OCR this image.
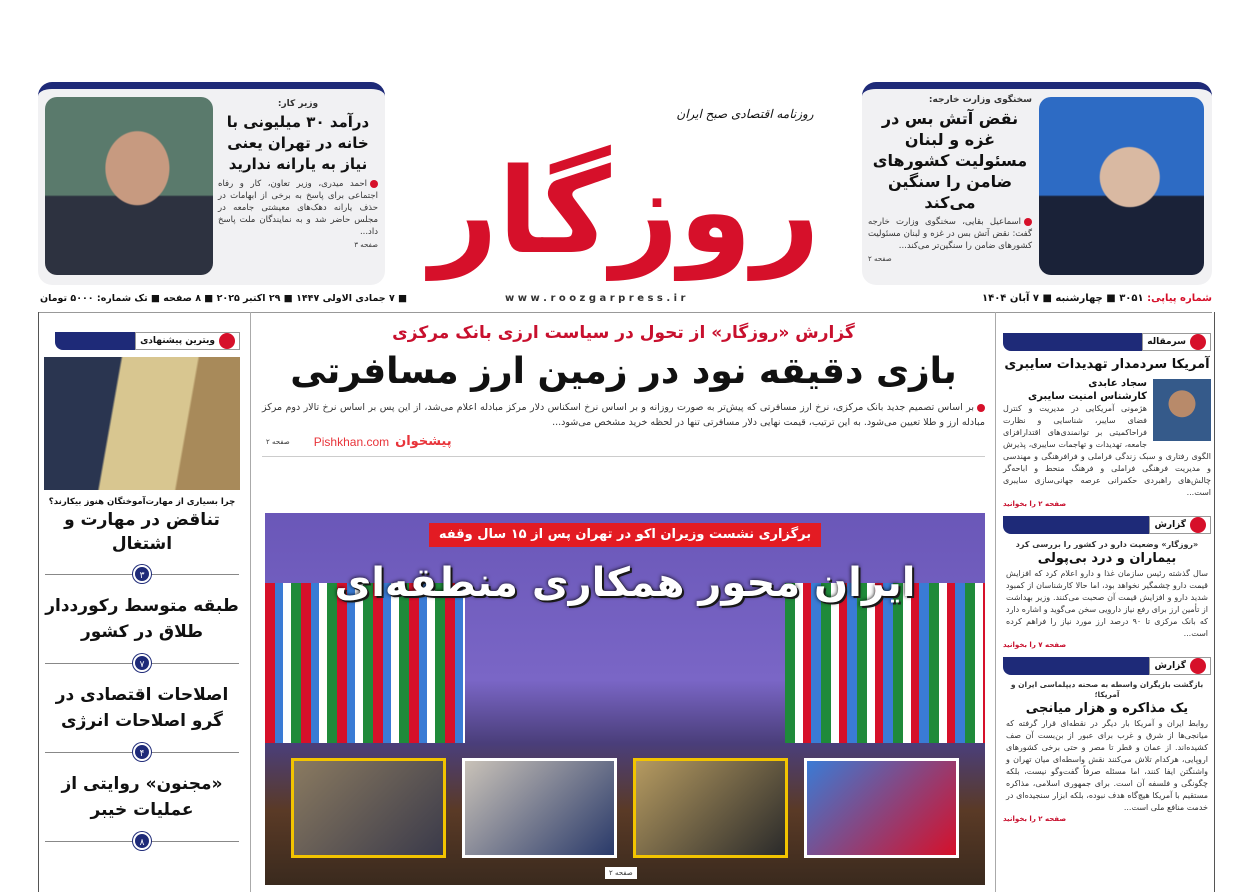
سخنگوی وزارت خارجه:
نقض آتش بس در غزه و لبنان مسئولیت کشورهای ضامن را سنگین می‌کند
اسماعیل بقایی، سخنگوی وزارت خارجه گفت: نقض آتش بس در غزه و لبنان مسئولیت کشورهای ضامن را سنگین‌تر می‌کند...
صفحه ۲
وزیر کار:
درآمد ۳۰ میلیونی با خانه در تهران یعنی نیاز به یارانه ندارید
احمد میدری، وزیر تعاون، کار و رفاه اجتماعی برای پاسخ به برخی از ابهامات در حذف یارانه دهک‌های معیشتی جامعه در مجلس حاضر شد و به نمایندگان ملت پاسخ داد...
صفحه ۳
روزنامه اقتصادی صبح ایران
روزگار
شماره پیاپی: ۳۰۵۱ ■ چهارشنبه ■ ۷ آبان ۱۴۰۴
w w w . r o o z g a r p r e s s . i r
■ ۷ جمادی الاولی ۱۴۴۷ ■ ۲۹ اکتبر ۲۰۲۵ ■ ۸ صفحه ■ تک شماره: ۵۰۰۰ تومان
گزارش «روزگار» از تحول در سیاست ارزی بانک مرکزی
بازی دقیقه نود در زمین ارز مسافرتی
بر اساس تصمیم جدید بانک مرکزی، نرخ ارز مسافرتی که پیش‌تر به صورت روزانه و بر اساس نرخ اسکناس دلار مرکز مبادله اعلام می‌شد، از این پس بر اساس نرخ تالار دوم مرکز مبادله ارز و طلا تعیین می‌شود. به این ترتیب، قیمت نهایی دلار مسافرتی تنها در لحظه خرید مشخص می‌شود...
صفحه ۲ Pishkhan.com پیشخوان
برگزاری نشست وزیران اکو در تهران پس از ۱۵ سال وقفه
ایران محور همکاری منطقه‌ای
صفحه ۲
سرمقاله
آمریکا سردمدار تهدیدات سایبری
سجاد عابدی
کارشناس امنیت سایبری
هژمونی آمریکایی در مدیریت و کنترل فضای سایبر، شناسایی و نظارت فراحاکمیتی بر توانمندی‌های اقتدارافزای جامعه، تهدیدات و تهاجمات سایبری، پذیرش الگوی رفتاری و سبک زندگی فراملی و فرافرهنگی و مهندسی و مدیریت فرهنگی فراملی و فرهنگ منحط و اباحه‌گر چالش‌های راهبردی حکمرانی عرصه جهانی‌سازی سایبری است...
صفحه ۲ را بخوانید
گزارش
«روزگار» وضعیت دارو در کشور را بررسی کرد
بیماران و درد بی‌پولی
سال گذشته رئیس سازمان غذا و دارو اعلام کرد که افزایش قیمت دارو چشمگیر نخواهد بود، اما حالا کارشناسان از کمبود شدید دارو و افزایش قیمت آن صحبت می‌کنند. وزیر بهداشت از تأمین ارز برای رفع نیاز دارویی سخن می‌گوید و اشاره دارد که بانک مرکزی تا ۹۰ درصد ارز مورد نیاز را فراهم کرده است...
صفحه ۷ را بخوانید
گزارش
بازگشت بازیگران واسطه به صحنه دیپلماسی ایران و آمریکا؛
یک مذاکره و هزار میانجی
روابط ایران و آمریکا بار دیگر در نقطه‌ای قرار گرفته که میانجی‌ها از شرق و غرب برای عبور از بن‌بست آن صف کشیده‌اند. از عمان و قطر تا مصر و حتی برخی کشورهای اروپایی، هرکدام تلاش می‌کنند نقش واسطه‌ای میان تهران و واشنگتن ایفا کنند، اما مسئله صرفاً گفت‌وگو نیست، بلکه چگونگی و فلسفه آن است. برای جمهوری اسلامی، مذاکره مستقیم با آمریکا هیچ‌گاه هدف نبوده، بلکه ابزار سنجیده‌ای در خدمت منافع ملی است...
صفحه ۲ را بخوانید
ویترین پیشنهادی
چرا بسیاری از مهارت‌آموختگان هنوز بیکارند؟
تناقض در مهارت و اشتغال
۳
طبقه متوسط رکورددار طلاق در کشور
۷
اصلاحات اقتصادی در گرو اصلاحات انرژی
۴
«مجنون» روایتی از عملیات خیبر
۸
